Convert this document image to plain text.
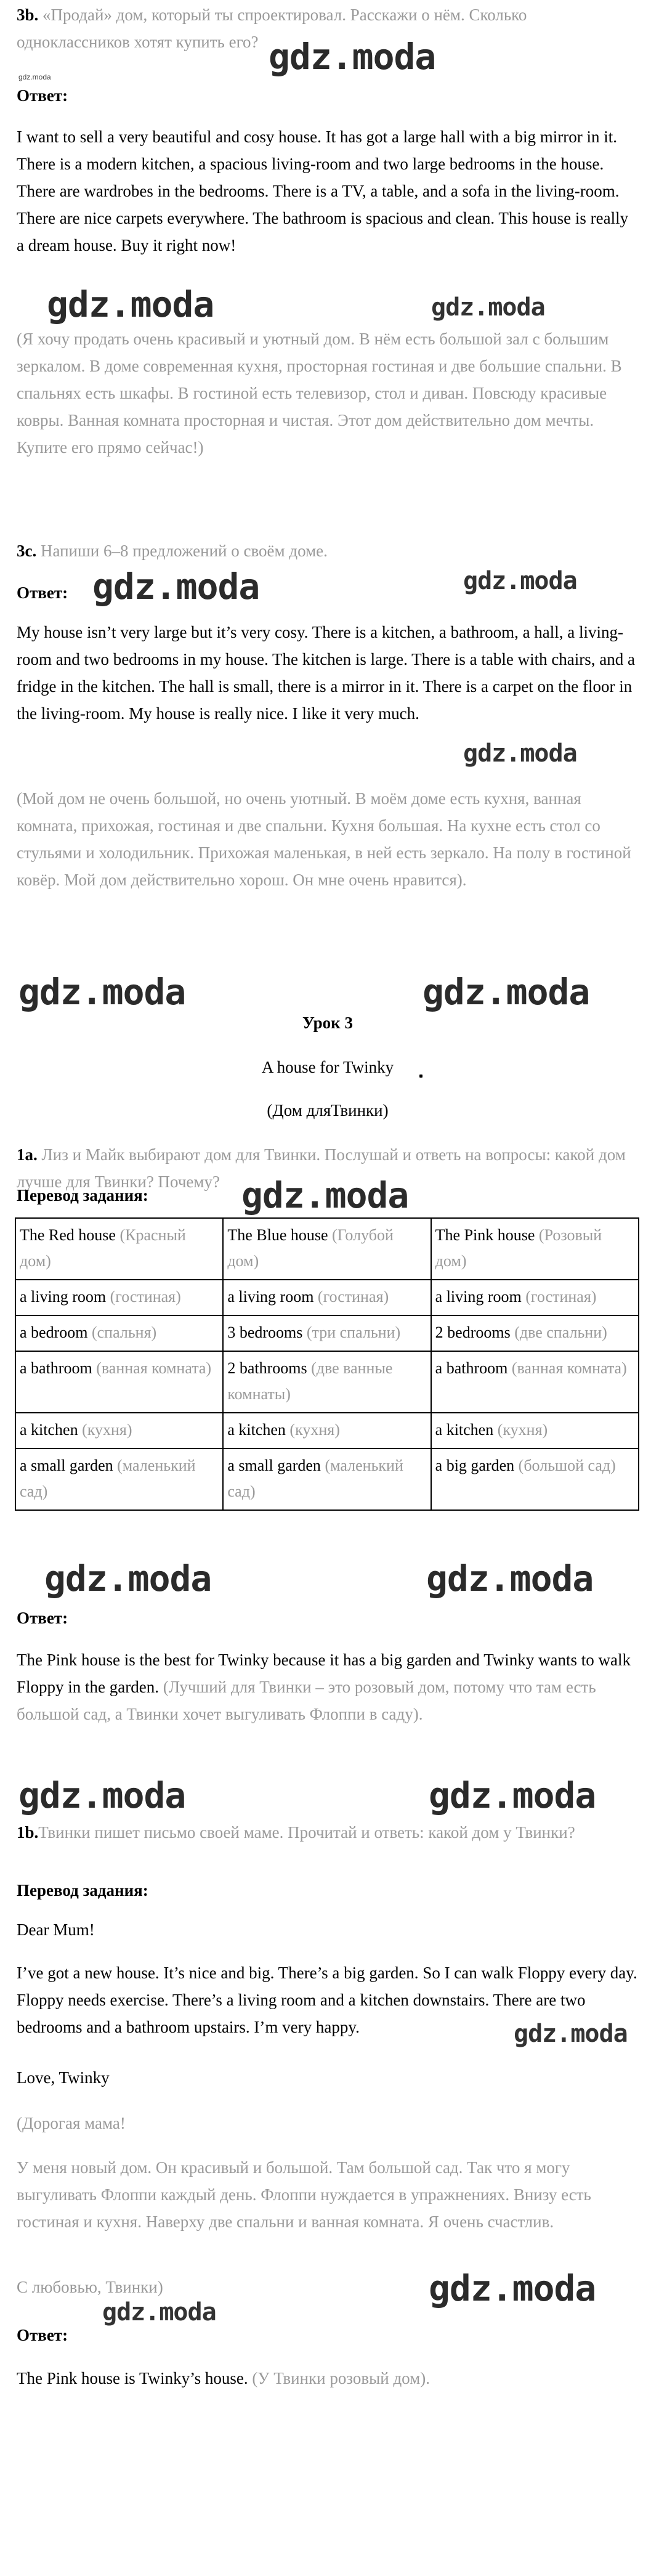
3b. «Продай» дом, который ты спроектировал. Расскажи о нём. Сколько одноклассников хотят купить его?

gdz.moda	gdz.moda

Ответ:

I want to sell a very beautiful and cosy house. It has got a large hall with a big mirror in it. There is a modern kitchen, a spacious living-room and two large bedrooms in the house. There are wardrobes in the bedrooms. There is a TV, a table, and a sofa in the living-room. There are nice carpets everywhere. The bathroom is spacious and clean. This house is really a dream house. Buy it right now!

gdz.moda	gdz.moda

(Я хочу продать очень красивый и уютный дом. В нём есть большой зал с большим зеркалом. В доме современная кухня, просторная гостиная и две большие спальни. В спальнях есть шкафы. В гостиной есть телевизор, стол и диван. Повсюду красивые ковры. Ванная комната просторная и чистая. Этот дом действительно дом мечты. Купите его прямо сейчас!)

3c. Напиши 6–8 предложений о своём доме.

Ответ: gdz.moda	gdz.moda

My house isn’t very large but it’s very cosy. There is a kitchen, a bathroom, a hall, a living-room and two bedrooms in my house. The kitchen is large. There is a table with chairs, and a fridge in the kitchen. The hall is small, there is a mirror in it. There is a carpet on the floor in the living-room. My house is really nice. I like it very much.

gdz.moda

(Мой дом не очень большой, но очень уютный. В моём доме есть кухня, ванная комната, прихожая, гостиная и две спальни. Кухня большая. На кухне есть стол со стульями и холодильник. Прихожая маленькая, в ней есть зеркало. На полу в гостиной ковёр. Мой дом действительно хорош. Он мне очень нравится).

gdz.moda	gdz.moda

Урок 3

A house for Twinky

(Дом дляТвинки)

1a. Лиз и Майк выбирают дом для Твинки. Послушай и ответь на вопросы: какой дом лучше для Твинки? Почему?

Перевод задания:	gdz.moda

The Red house (Красный дом)	The Blue house (Голубой дом)	The Pink house (Розовый дом)
a living room (гостиная)	a living room (гостиная)	a living room (гостиная)
a bedroom (спальня)	3 bedrooms (три спальни)	2 bedrooms (две спальни)
a bathroom (ванная комната)	2 bathrooms (две ванные комнаты)	a bathroom (ванная комната)
a kitchen (кухня)	a kitchen (кухня)	a kitchen (кухня)
a small garden (маленький сад)	a small garden (маленький сад)	a big garden (большой сад)

gdz.moda	gdz.moda

Ответ:

The Pink house is the best for Twinky because it has a big garden and Twinky wants to walk Floppy in the garden. (Лучший для Твинки – это розовый дом, потому что там есть большой сад, а Твинки хочет выгуливать Флоппи в саду).

gdz.moda	gdz.moda

1b.Твинки пишет письмо своей маме. Прочитай и ответь: какой дом у Твинки?

Перевод задания:

Dear Mum!

I’ve got a new house. It’s nice and big. There’s a big garden. So I can walk Floppy every day. Floppy needs exercise. There’s a living room and a kitchen downstairs. There are two bedrooms and a bathroom upstairs. I’m very happy.	gdz.moda

Love, Twinky

(Дорогая мама!

У меня новый дом. Он красивый и большой. Там большой сад. Так что я могу выгуливать Флоппи каждый день. Флоппи нуждается в упражнениях. Внизу есть гостиная и кухня. Наверху две спальни и ванная комната. Я очень счастлив.

С любовью, Твинки)	gdz.moda

gdz.moda

Ответ:

The Pink house is Twinky’s house. (У Твинки розовый дом).
